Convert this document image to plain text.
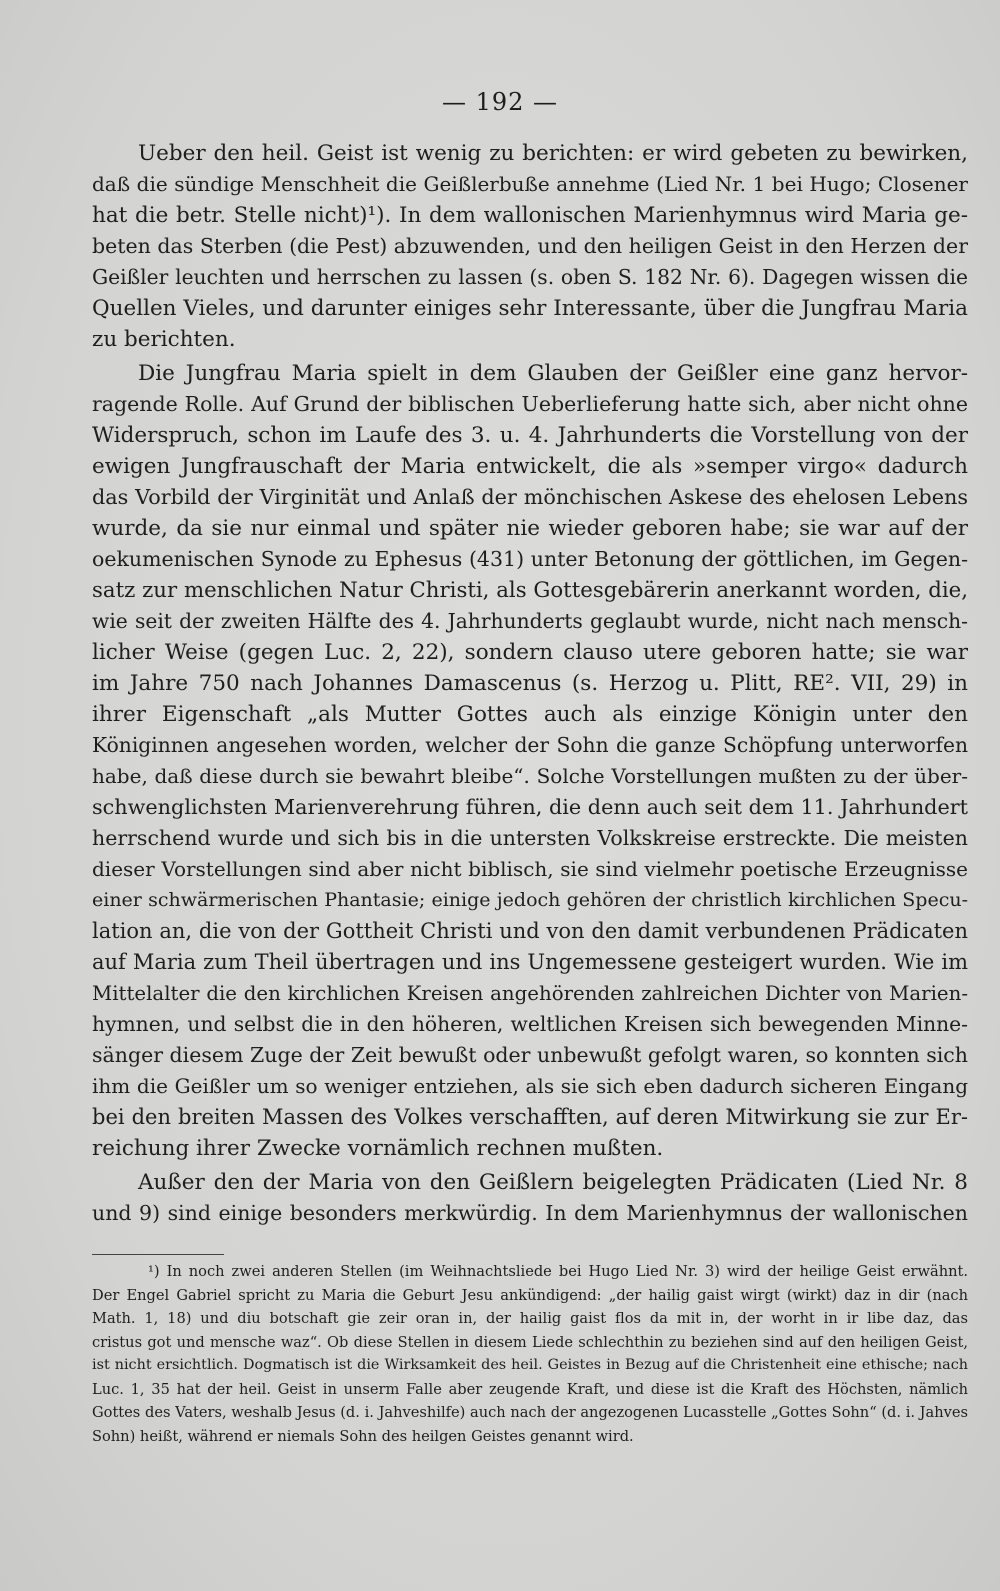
— 192 —
Ueber den heil. Geist ist wenig zu berichten: er wird gebeten zu bewirken,
daß die sündige Menschheit die Geißlerbuße annehme (Lied Nr. 1 bei Hugo; Closener
hat die betr. Stelle nicht)¹). In dem wallonischen Marienhymnus wird Maria ge-
beten das Sterben (die Pest) abzuwenden, und den heiligen Geist in den Herzen der
Geißler leuchten und herrschen zu lassen (s. oben S. 182 Nr. 6). Dagegen wissen die
Quellen Vieles, und darunter einiges sehr Interessante, über die Jungfrau Maria
zu berichten.
Die Jungfrau Maria spielt in dem Glauben der Geißler eine ganz hervor-
ragende Rolle. Auf Grund der biblischen Ueberlieferung hatte sich, aber nicht ohne
Widerspruch, schon im Laufe des 3. u. 4. Jahrhunderts die Vorstellung von der
ewigen Jungfrauschaft der Maria entwickelt, die als »semper virgo« dadurch
das Vorbild der Virginität und Anlaß der mönchischen Askese des ehelosen Lebens
wurde, da sie nur einmal und später nie wieder geboren habe; sie war auf der
oekumenischen Synode zu Ephesus (431) unter Betonung der göttlichen, im Gegen-
satz zur menschlichen Natur Christi, als Gottesgebärerin anerkannt worden, die,
wie seit der zweiten Hälfte des 4. Jahrhunderts geglaubt wurde, nicht nach mensch-
licher Weise (gegen Luc. 2, 22), sondern clauso utere geboren hatte; sie war
im Jahre 750 nach Johannes Damascenus (s. Herzog u. Plitt, RE². VII, 29) in
ihrer Eigenschaft „als Mutter Gottes auch als einzige Königin unter den
Königinnen angesehen worden, welcher der Sohn die ganze Schöpfung unterworfen
habe, daß diese durch sie bewahrt bleibe“. Solche Vorstellungen mußten zu der über-
schwenglichsten Marienverehrung führen, die denn auch seit dem 11. Jahrhundert
herrschend wurde und sich bis in die untersten Volkskreise erstreckte. Die meisten
dieser Vorstellungen sind aber nicht biblisch, sie sind vielmehr poetische Erzeugnisse
einer schwärmerischen Phantasie; einige jedoch gehören der christlich kirchlichen Specu-
lation an, die von der Gottheit Christi und von den damit verbundenen Prädicaten
auf Maria zum Theil übertragen und ins Ungemessene gesteigert wurden. Wie im
Mittelalter die den kirchlichen Kreisen angehörenden zahlreichen Dichter von Marien-
hymnen, und selbst die in den höheren, weltlichen Kreisen sich bewegenden Minne-
sänger diesem Zuge der Zeit bewußt oder unbewußt gefolgt waren, so konnten sich
ihm die Geißler um so weniger entziehen, als sie sich eben dadurch sicheren Eingang
bei den breiten Massen des Volkes verschafften, auf deren Mitwirkung sie zur Er-
reichung ihrer Zwecke vornämlich rechnen mußten.
Außer den der Maria von den Geißlern beigelegten Prädicaten (Lied Nr. 8
und 9) sind einige besonders merkwürdig. In dem Marienhymnus der wallonischen
¹) In noch zwei anderen Stellen (im Weihnachtsliede bei Hugo Lied Nr. 3) wird der heilige Geist erwähnt.
Der Engel Gabriel spricht zu Maria die Geburt Jesu ankündigend: „der hailig gaist wirgt (wirkt) daz in dir (nach
Math. 1, 18) und diu botschaft gie zeir oran in, der hailig gaist flos da mit in, der worht in ir libe daz, das
cristus got und mensche waz“. Ob diese Stellen in diesem Liede schlechthin zu beziehen sind auf den heiligen Geist,
ist nicht ersichtlich. Dogmatisch ist die Wirksamkeit des heil. Geistes in Bezug auf die Christenheit eine ethische; nach
Luc. 1, 35 hat der heil. Geist in unserm Falle aber zeugende Kraft, und diese ist die Kraft des Höchsten, nämlich
Gottes des Vaters, weshalb Jesus (d. i. Jahveshilfe) auch nach der angezogenen Lucasstelle „Gottes Sohn“ (d. i. Jahves
Sohn) heißt, während er niemals Sohn des heilgen Geistes genannt wird.
